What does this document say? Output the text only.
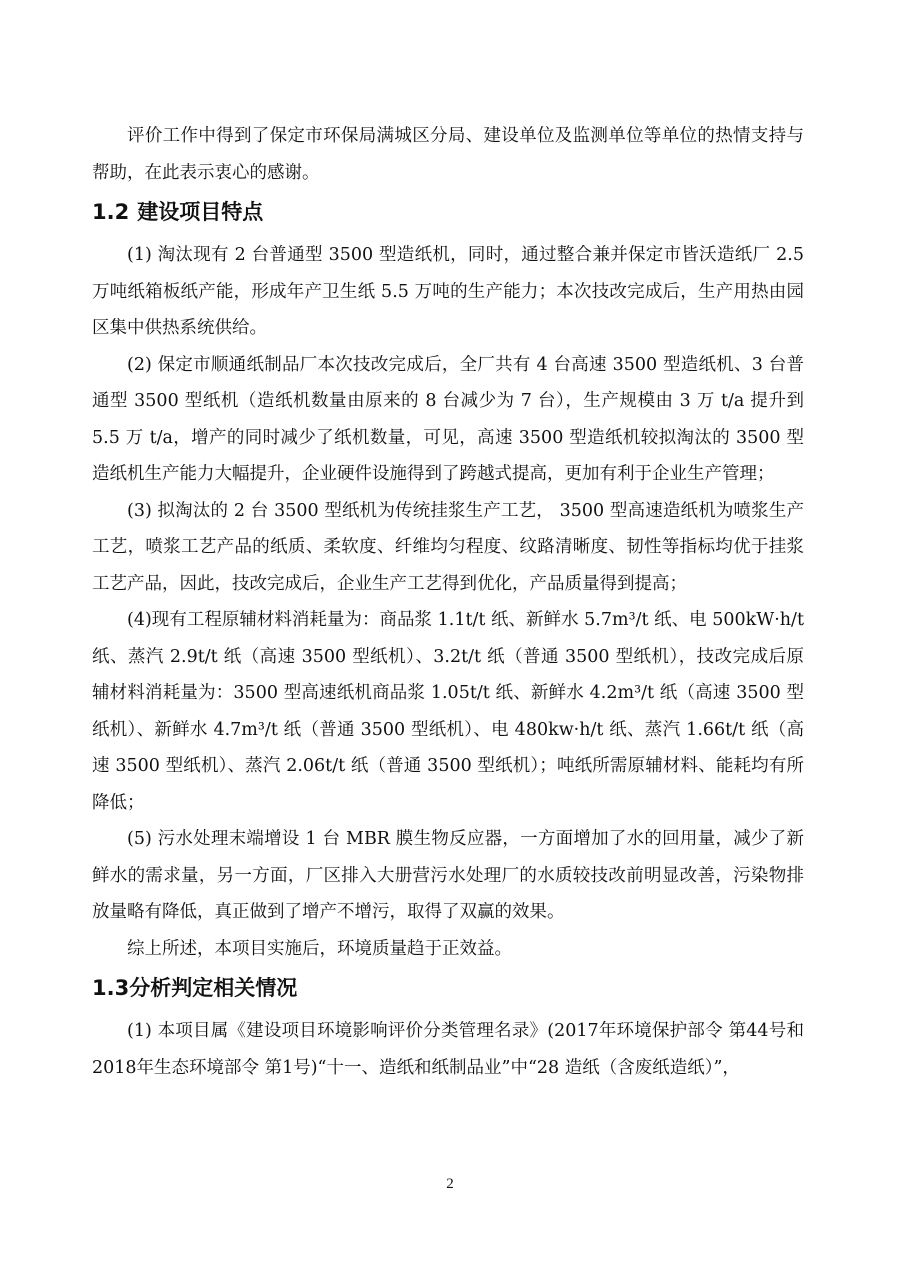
评价工作中得到了保定市环保局满城区分局、建设单位及监测单位等单位的热情支持与帮助，在此表示衷心的感谢。

1.2 建设项目特点

(1) 淘汰现有 2 台普通型 3500 型造纸机，同时，通过整合兼并保定市皆沃造纸厂 2.5 万吨纸箱板纸产能，形成年产卫生纸 5.5 万吨的生产能力；本次技改完成后，生产用热由园区集中供热系统供给。

(2) 保定市顺通纸制品厂本次技改完成后，全厂共有 4 台高速 3500 型造纸机、3 台普通型 3500 型纸机（造纸机数量由原来的 8 台减少为 7 台），生产规模由 3 万 t/a 提升到 5.5 万 t/a，增产的同时减少了纸机数量，可见，高速 3500 型造纸机较拟淘汰的 3500 型造纸机生产能力大幅提升，企业硬件设施得到了跨越式提高，更加有利于企业生产管理；

(3) 拟淘汰的 2 台 3500 型纸机为传统挂浆生产工艺， 3500 型高速造纸机为喷浆生产工艺，喷浆工艺产品的纸质、柔软度、纤维均匀程度、纹路清晰度、韧性等指标均优于挂浆工艺产品，因此，技改完成后，企业生产工艺得到优化，产品质量得到提高；

(4)现有工程原辅材料消耗量为：商品浆 1.1t/t 纸、新鲜水 5.7m³/t 纸、电 500kW·h/t 纸、蒸汽 2.9t/t 纸（高速 3500 型纸机）、3.2t/t 纸（普通 3500 型纸机），技改完成后原辅材料消耗量为：3500 型高速纸机商品浆 1.05t/t 纸、新鲜水 4.2m³/t 纸（高速 3500 型纸机）、新鲜水 4.7m³/t 纸（普通 3500 型纸机）、电 480kw·h/t 纸、蒸汽 1.66t/t 纸（高速 3500 型纸机）、蒸汽 2.06t/t 纸（普通 3500 型纸机）；吨纸所需原辅材料、能耗均有所降低；

(5) 污水处理末端增设 1 台 MBR 膜生物反应器，一方面增加了水的回用量，减少了新鲜水的需求量，另一方面，厂区排入大册营污水处理厂的水质较技改前明显改善，污染物排放量略有降低，真正做到了增产不增污，取得了双赢的效果。

综上所述，本项目实施后，环境质量趋于正效益。

1.3分析判定相关情况

(1) 本项目属《建设项目环境影响评价分类管理名录》(2017年环境保护部令 第44号和2018年生态环境部令 第1号)“十一、造纸和纸制品业”中“28 造纸（含废纸造纸）”，

2
